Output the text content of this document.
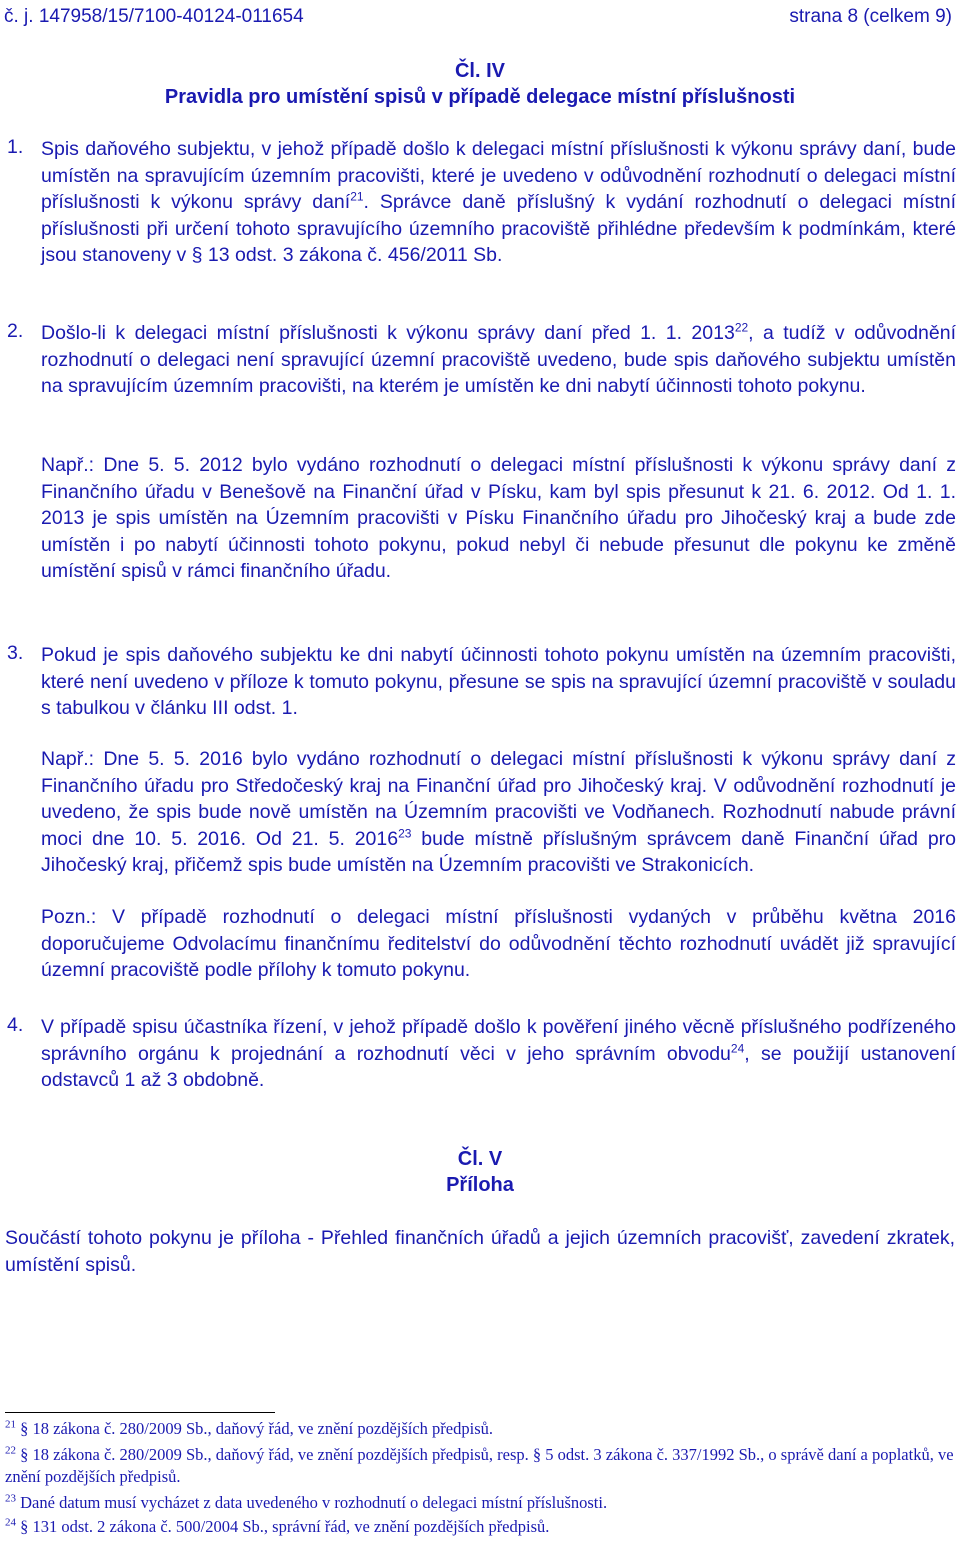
č. j. 147958/15/7100-40124-011654	strana 8 (celkem 9)
Čl. IV
Pravidla pro umístění spisů v případě delegace místní příslušnosti
1. Spis daňového subjektu, v jehož případě došlo k delegaci místní příslušnosti k výkonu správy daní, bude umístěn na spravujícím územním pracovišti, které je uvedeno v odůvodnění rozhodnutí o delegaci místní příslušnosti k výkonu správy daní$^{21}$. Správce daně příslušný k vydání rozhodnutí o delegaci místní příslušnosti při určení tohoto spravujícího územního pracoviště přihlédne především k podmínkám, které jsou stanoveny v § 13 odst. 3 zákona č. 456/2011 Sb.
2. Došlo-li k delegaci místní příslušnosti k výkonu správy daní před 1. 1. 2013$^{22}$, a tudíž v odůvodnění rozhodnutí o delegaci není spravující územní pracoviště uvedeno, bude spis daňového subjektu umístěn na spravujícím územním pracovišti, na kterém je umístěn ke dni nabytí účinnosti tohoto pokynu.
Např.: Dne 5. 5. 2012 bylo vydáno rozhodnutí o delegaci místní příslušnosti k výkonu správy daní z Finančního úřadu v Benešově na Finanční úřad v Písku, kam byl spis přesunut k 21. 6. 2012. Od 1. 1. 2013 je spis umístěn na Územním pracovišti v Písku Finančního úřadu pro Jihočeský kraj a bude zde umístěn i po nabytí účinnosti tohoto pokynu, pokud nebyl či nebude přesunut dle pokynu ke změně umístění spisů v rámci finančního úřadu.
3. Pokud je spis daňového subjektu ke dni nabytí účinnosti tohoto pokynu umístěn na územním pracovišti, které není uvedeno v příloze k tomuto pokynu, přesune se spis na spravující územní pracoviště v souladu s tabulkou v článku III odst. 1.
Např.: Dne 5. 5. 2016 bylo vydáno rozhodnutí o delegaci místní příslušnosti k výkonu správy daní z Finančního úřadu pro Středočeský kraj na Finanční úřad pro Jihočeský kraj. V odůvodnění rozhodnutí je uvedeno, že spis bude nově umístěn na Územním pracovišti ve Vodňanech. Rozhodnutí nabude právní moci dne 10. 5. 2016. Od 21. 5. 2016$^{23}$ bude místně příslušným správcem daně Finanční úřad pro Jihočeský kraj, přičemž spis bude umístěn na Územním pracovišti ve Strakonicích.
Pozn.: V případě rozhodnutí o delegaci místní příslušnosti vydaných v průběhu května 2016 doporučujeme Odvolacímu finančnímu ředitelství do odůvodnění těchto rozhodnutí uvádět již spravující územní pracoviště podle přílohy k tomuto pokynu.
4. V případě spisu účastníka řízení, v jehož případě došlo k pověření jiného věcně příslušného podřízeného správního orgánu k projednání a rozhodnutí věci v jeho správním obvodu$^{24}$, se použijí ustanovení odstavců 1 až 3 obdobně.
Čl. V
Příloha
Součástí tohoto pokynu je příloha - Přehled finančních úřadů a jejich územních pracovišť, zavedení zkratek, umístění spisů.
$^{21}$ § 18 zákona č. 280/2009 Sb., daňový řád, ve znění pozdějších předpisů.
$^{22}$ § 18 zákona č. 280/2009 Sb., daňový řád, ve znění pozdějších předpisů, resp. § 5 odst. 3 zákona č. 337/1992 Sb., o správě daní a poplatků, ve znění pozdějších předpisů.
$^{23}$ Dané datum musí vycházet z data uvedeného v rozhodnutí o delegaci místní příslušnosti.
$^{24}$ § 131 odst. 2 zákona č. 500/2004 Sb., správní řád, ve znění pozdějších předpisů.
